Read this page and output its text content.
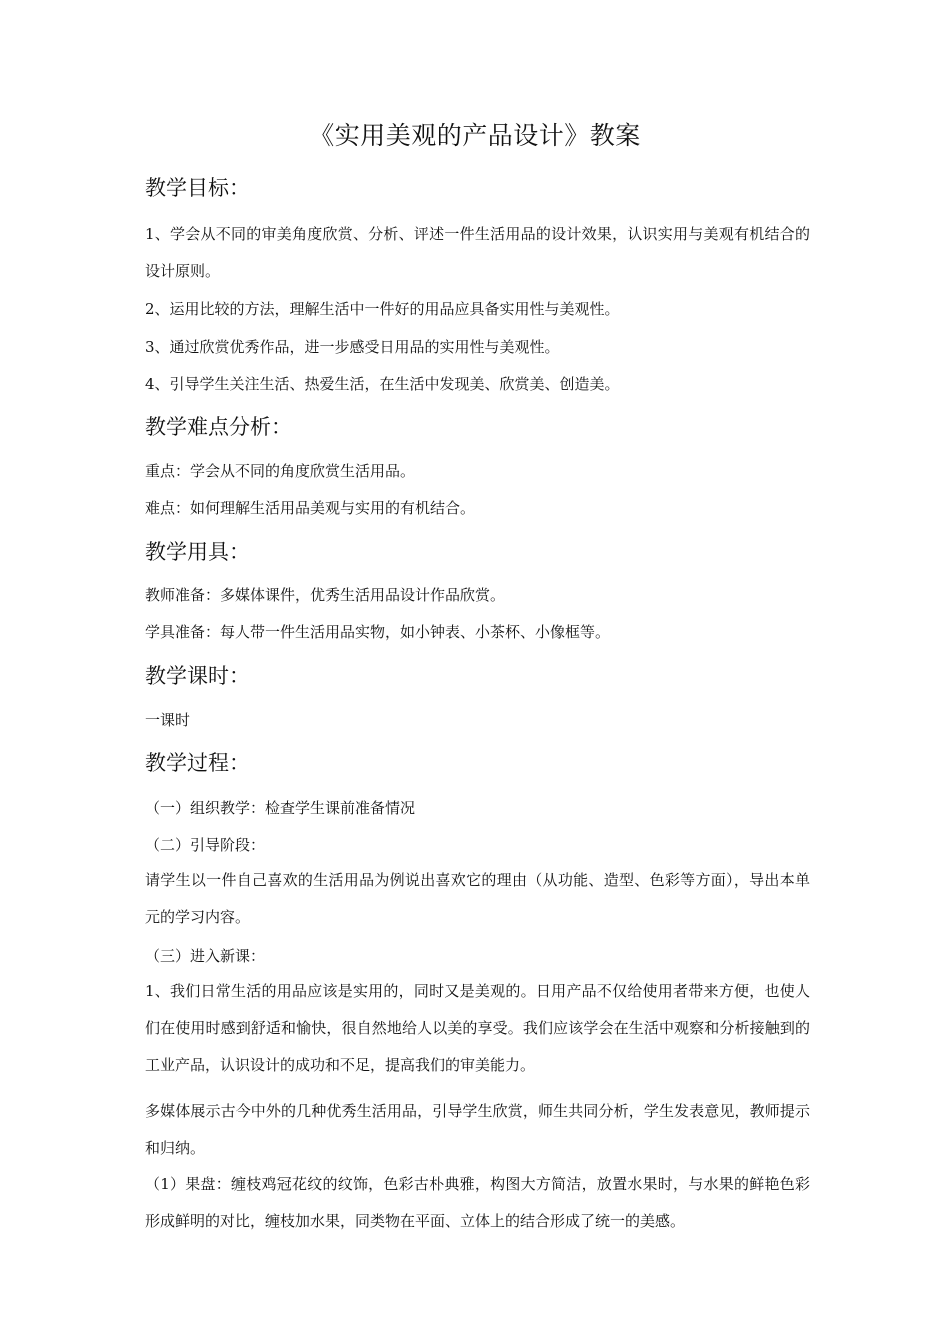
《实用美观的产品设计》教案
教学目标：
1、学会从不同的审美角度欣赏、分析、评述一件生活用品的设计效果，认识实用与美观有机结合的设计原则。
2、运用比较的方法，理解生活中一件好的用品应具备实用性与美观性。
3、通过欣赏优秀作品，进一步感受日用品的实用性与美观性。
4、引导学生关注生活、热爱生活，在生活中发现美、欣赏美、创造美。
教学难点分析：
重点：学会从不同的角度欣赏生活用品。
难点：如何理解生活用品美观与实用的有机结合。
教学用具：
教师准备：多媒体课件，优秀生活用品设计作品欣赏。
学具准备：每人带一件生活用品实物，如小钟表、小茶杯、小像框等。
教学课时：
一课时
教学过程：
（一）组织教学：检查学生课前准备情况
（二）引导阶段：
请学生以一件自己喜欢的生活用品为例说出喜欢它的理由（从功能、造型、色彩等方面），导出本单元的学习内容。
（三）进入新课：
1、我们日常生活的用品应该是实用的，同时又是美观的。日用产品不仅给使用者带来方便，也使人们在使用时感到舒适和愉快，很自然地给人以美的享受。我们应该学会在生活中观察和分析接触到的工业产品，认识设计的成功和不足，提高我们的审美能力。
多媒体展示古今中外的几种优秀生活用品，引导学生欣赏，师生共同分析，学生发表意见，教师提示和归纳。
（1）果盘：缠枝鸡冠花纹的纹饰，色彩古朴典雅，构图大方简洁，放置水果时，与水果的鲜艳色彩形成鲜明的对比，缠枝加水果，同类物在平面、立体上的结合形成了统一的美感。
